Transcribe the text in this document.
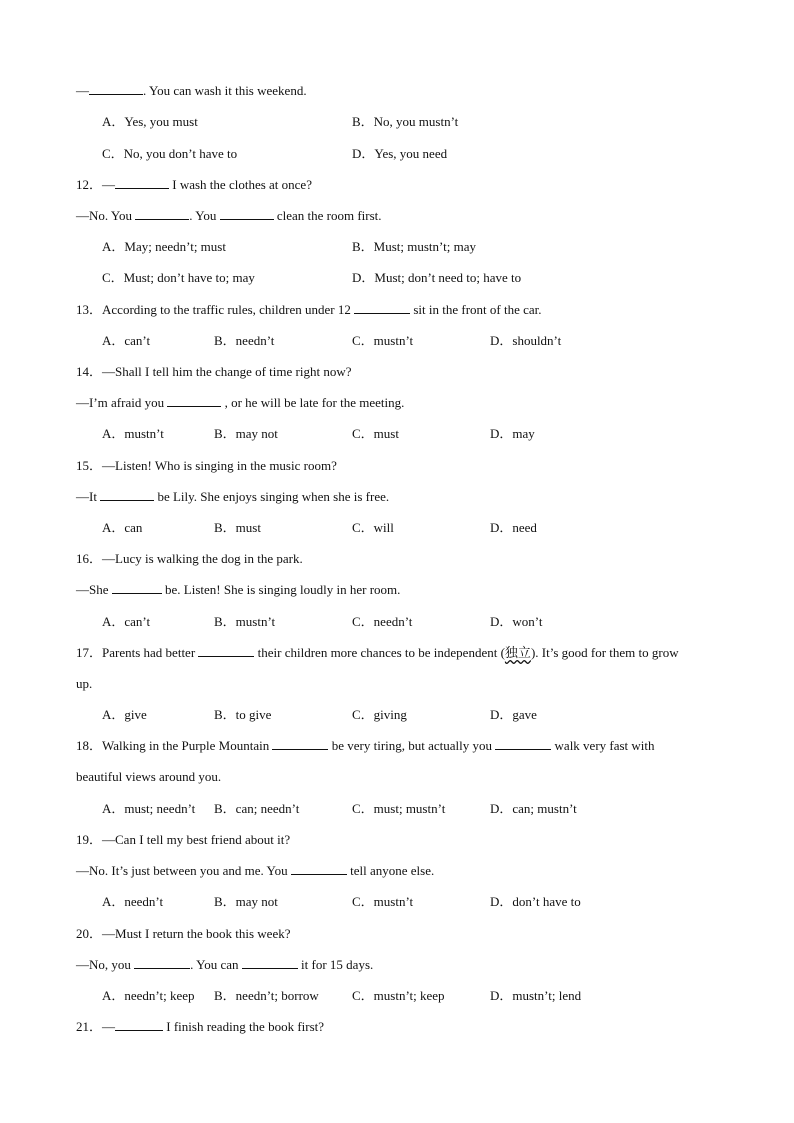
—	. You can wash it this weekend.
A．Yes, you must	B．No, you mustn’t
C．No, you don’t have to	D．Yes, you need
12．—	I wash the clothes at once?
—No. You	. You	clean the room first.
A．May; needn’t; must	B．Must; mustn’t; may
C．Must; don’t have to; may	D．Must; don’t need to; have to
13．According to the traffic rules, children under 12	sit in the front of the car.
A．can’t	B．needn’t	C．mustn’t	D．shouldn’t
14．—Shall I tell him the change of time right now?
—I’m afraid you	, or he will be late for the meeting.
A．mustn’t	B．may not	C．must	D．may
15．—Listen! Who is singing in the music room?
—It	be Lily. She enjoys singing when she is free.
A．can	B．must	C．will	D．need
16．—Lucy is walking the dog in the park.
—She	be. Listen! She is singing loudly in her room.
A．can’t	B．mustn’t	C．needn’t	D．won’t
17．Parents had better	their children more chances to be independent (独立). It’s good for them to grow
up.
A．give	B．to give	C．giving	D．gave
18．Walking in the Purple Mountain	be very tiring, but actually you	walk very fast with
beautiful views around you.
A．must; needn’t B．can; needn’t	C．must; mustn’t	D．can; mustn’t
19．—Can I tell my best friend about it?
—No. It’s just between you and me. You	tell anyone else.
A．needn’t	B．may not	C．mustn’t	D．don’t have to
20．—Must I return the book this week?
—No, you	. You can	it for 15 days.
A．needn’t; keep B．needn’t; borrow	C．mustn’t; keep	D．mustn’t; lend
21．—	I finish reading the book first?
